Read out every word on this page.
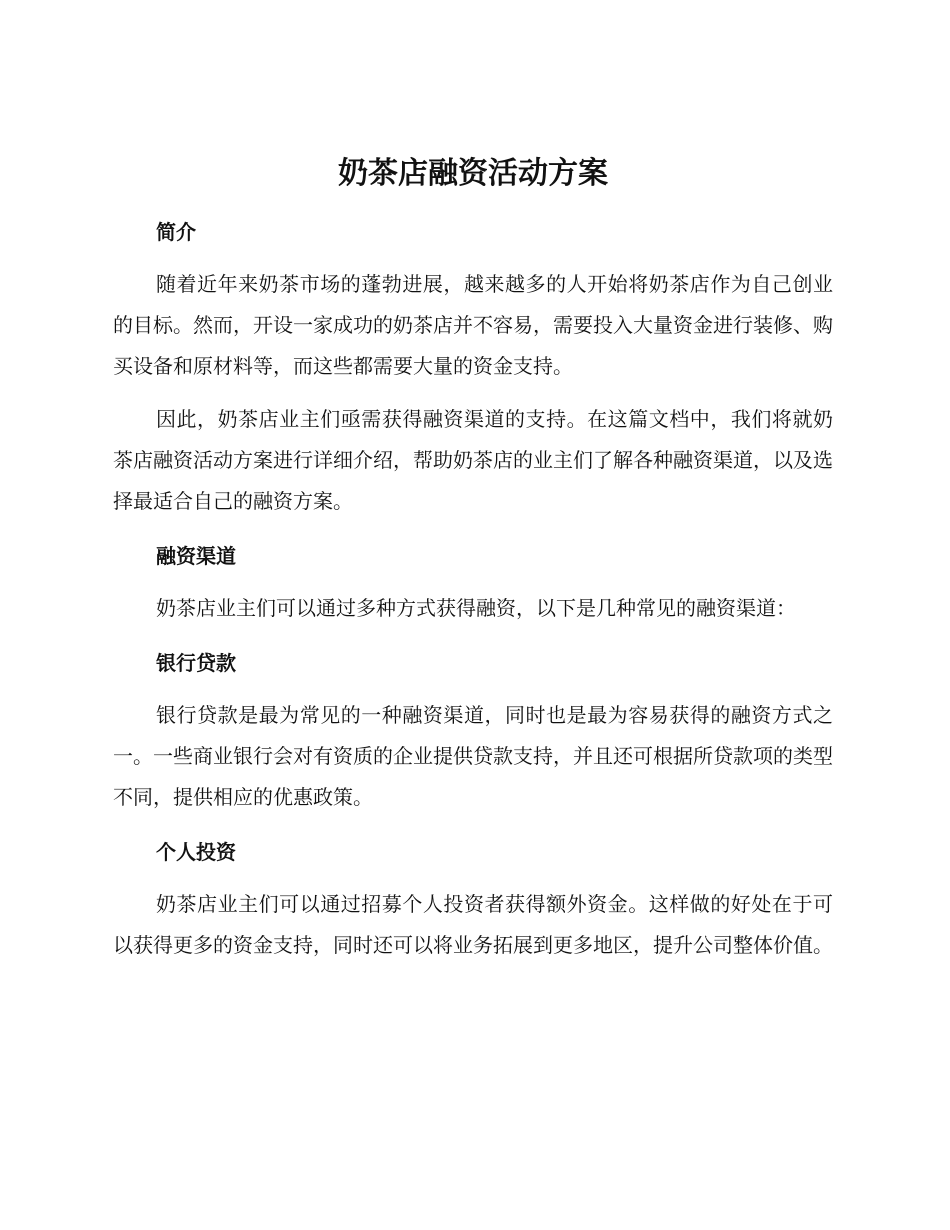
奶茶店融资活动方案
简介

随着近年来奶茶市场的蓬勃进展，越来越多的人开始将奶茶店作为自己创业的目标。然而，开设一家成功的奶茶店并不容易，需要投入大量资金进行装修、购买设备和原材料等，而这些都需要大量的资金支持。

因此，奶茶店业主们亟需获得融资渠道的支持。在这篇文档中，我们将就奶茶店融资活动方案进行详细介绍，帮助奶茶店的业主们了解各种融资渠道，以及选择最适合自己的融资方案。

融资渠道

奶茶店业主们可以通过多种方式获得融资，以下是几种常见的融资渠道：

银行贷款

银行贷款是最为常见的一种融资渠道，同时也是最为容易获得的融资方式之一。一些商业银行会对有资质的企业提供贷款支持，并且还可根据所贷款项的类型不同，提供相应的优惠政策。

个人投资

奶茶店业主们可以通过招募个人投资者获得额外资金。这样做的好处在于可以获得更多的资金支持，同时还可以将业务拓展到更多地区，提升公司整体价值。
